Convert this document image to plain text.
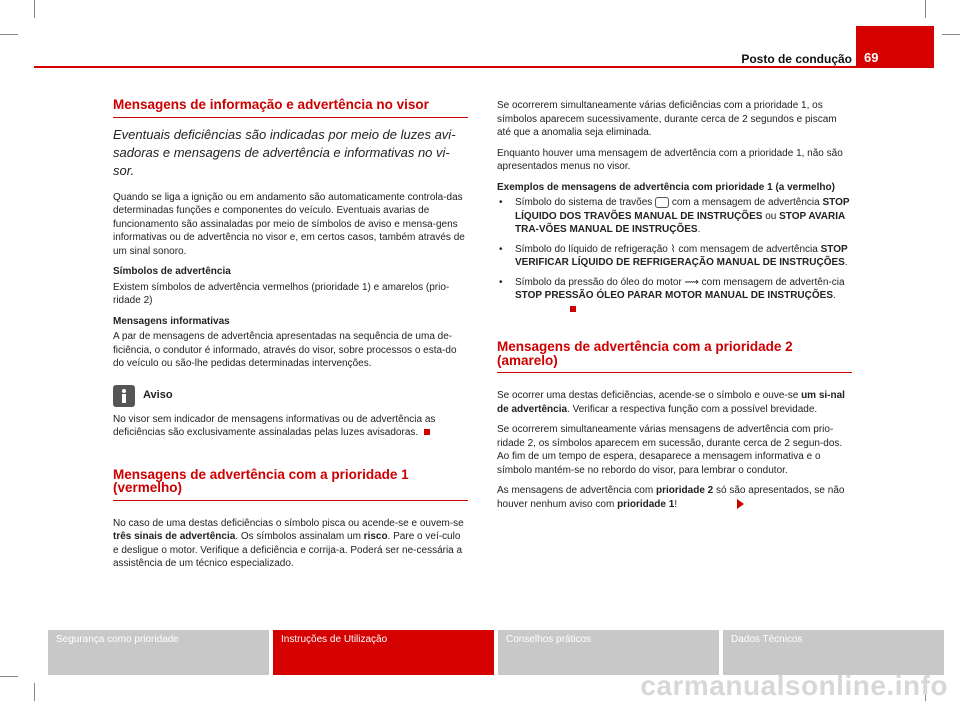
Posto de condução 69
Mensagens de informação e advertência no visor
Eventuais deficiências são indicadas por meio de luzes avi-sadoras e mensagens de advertência e informativas no vi-sor.

Quando se liga a ignição ou em andamento são automaticamente controla-das determinadas funções e componentes do veículo. Eventuais avarias de funcionamento são assinaladas por meio de símbolos de aviso e mensa-gens informativas ou de advertência no visor e, em certos casos, também através de um sinal sonoro.

Símbolos de advertência

Existem símbolos de advertência vermelhos (prioridade 1) e amarelos (prio-ridade 2)

Mensagens informativas

A par de mensagens de advertência apresentadas na sequência de uma de-ficiência, o condutor é informado, através do visor, sobre processos o esta-do do veículo ou são-lhe pedidas determinadas intervenções.

Aviso

No visor sem indicador de mensagens informativas ou de advertência as deficiências são exclusivamente assinaladas pelas luzes avisadoras.

Mensagens de advertência com a prioridade 1 (vermelho)

No caso de uma destas deficiências o símbolo pisca ou acende-se e ouvem-se três sinais de advertência. Os símbolos assinalam um risco. Pare o veí-culo e desligue o motor. Verifique a deficiência e corrija-a. Poderá ser ne-cessária a assistência de um técnico especializado.

Se ocorrerem simultaneamente várias deficiências com a prioridade 1, os símbolos aparecem sucessivamente, durante cerca de 2 segundos e piscam até que a anomalia seja eliminada.

Enquanto houver uma mensagem de advertência com a prioridade 1, não são apresentados menus no visor.

Exemplos de mensagens de advertência com prioridade 1 (a vermelho)
• Símbolo do sistema de travões  com a mensagem de advertência STOP LÍQUIDO DOS TRAVÕES MANUAL DE INSTRUÇÕES ou STOP AVARIA TRA-VÕES MANUAL DE INSTRUÇÕES.
• Símbolo do líquido de refrigeração ⌇ com mensagem de advertência STOP VERIFICAR LÍQUIDO DE REFRIGERAÇÃO MANUAL DE INSTRUÇÕES.
• Símbolo da pressão do óleo do motor ⟿ com mensagem de advertên-cia STOP PRESSÃO ÓLEO PARAR MOTOR MANUAL DE INSTRUÇÕES.
Mensagens de advertência com a prioridade 2 (amarelo)

Se ocorrer uma destas deficiências, acende-se o símbolo e ouve-se um si-nal de advertência. Verificar a respectiva função com a possível brevidade.

Se ocorrerem simultaneamente várias mensagens de advertência com prio-ridade 2, os símbolos aparecem em sucessão, durante cerca de 2 segun-dos. Ao fim de um tempo de espera, desaparece a mensagem informativa e o símbolo mantém-se no rebordo do visor, para lembrar o condutor.

As mensagens de advertência com prioridade 2 só são apresentados, se não houver nenhum aviso com prioridade 1!

Segurança como prioridade	Instruções de Utilização	Conselhos práticos	Dados Técnicos
carmanualsonline.info
